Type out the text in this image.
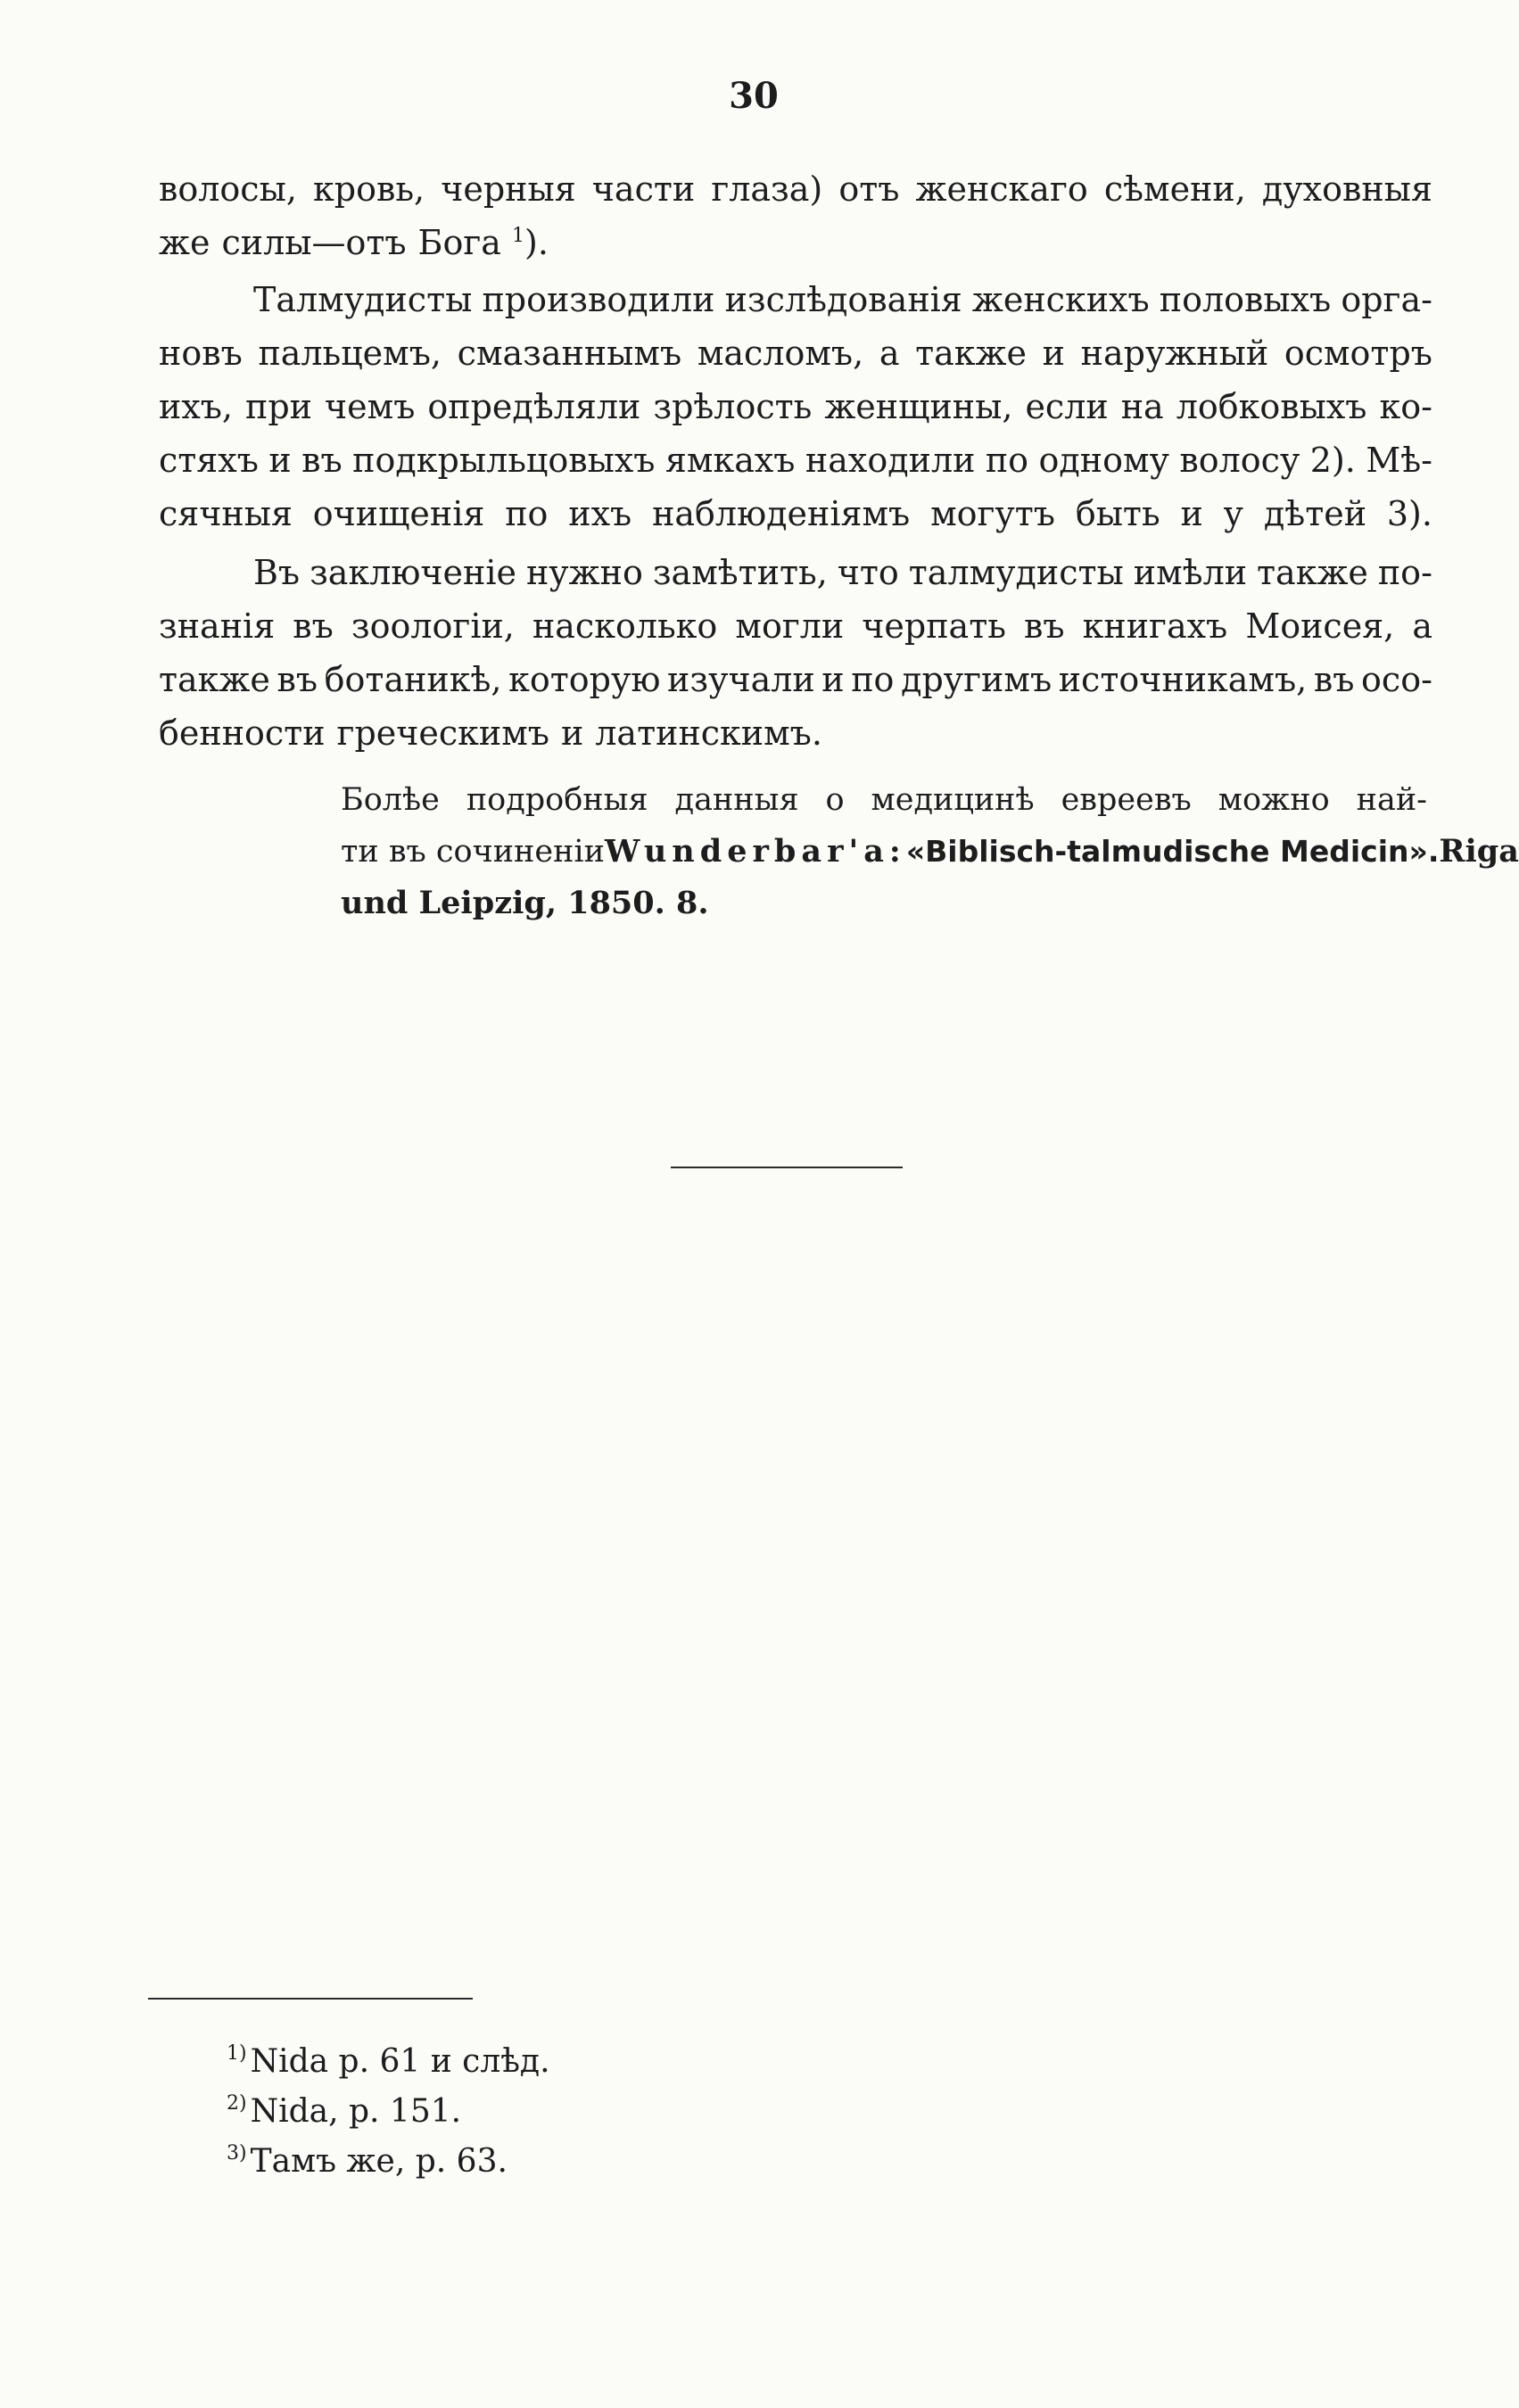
30
волосы, кровь, черныя части глаза) отъ женскаго сѣмени, духовныя
же силы—отъ Бога $^1$).
Талмудисты производили изслѣдованія женскихъ половыхъ орга-
новъ пальцемъ, смазаннымъ масломъ, а также и наружный осмотръ
ихъ, при чемъ опредѣляли зрѣлость женщины, если на лобковыхъ ко-
стяхъ и въ подкрыльцовыхъ ямкахъ находили по одному волосу 2). Мѣ-
сячныя очищенія по ихъ наблюденіямъ могутъ быть и у дѣтей 3).
Въ заключеніе нужно замѣтить, что талмудисты имѣли также по-
знанія въ зоологіи, насколько могли черпать въ книгахъ Моисея, а
также въ ботаникѣ, которую изучали и по другимъ источникамъ, въ осо-
бенности греческимъ и латинскимъ.
Болѣе подробныя данныя о медицинѣ евреевъ можно най-
ти въ сочиненіи Wunderbar'a: «Biblisch-talmudische Medicin». Riga
und Leipzig, 1850. 8.
$^{1)}$ Nida p. 61 и слѣд.
$^{2)}$ Nida, p. 151.
$^{3)}$ Тамъ же, p. 63.
